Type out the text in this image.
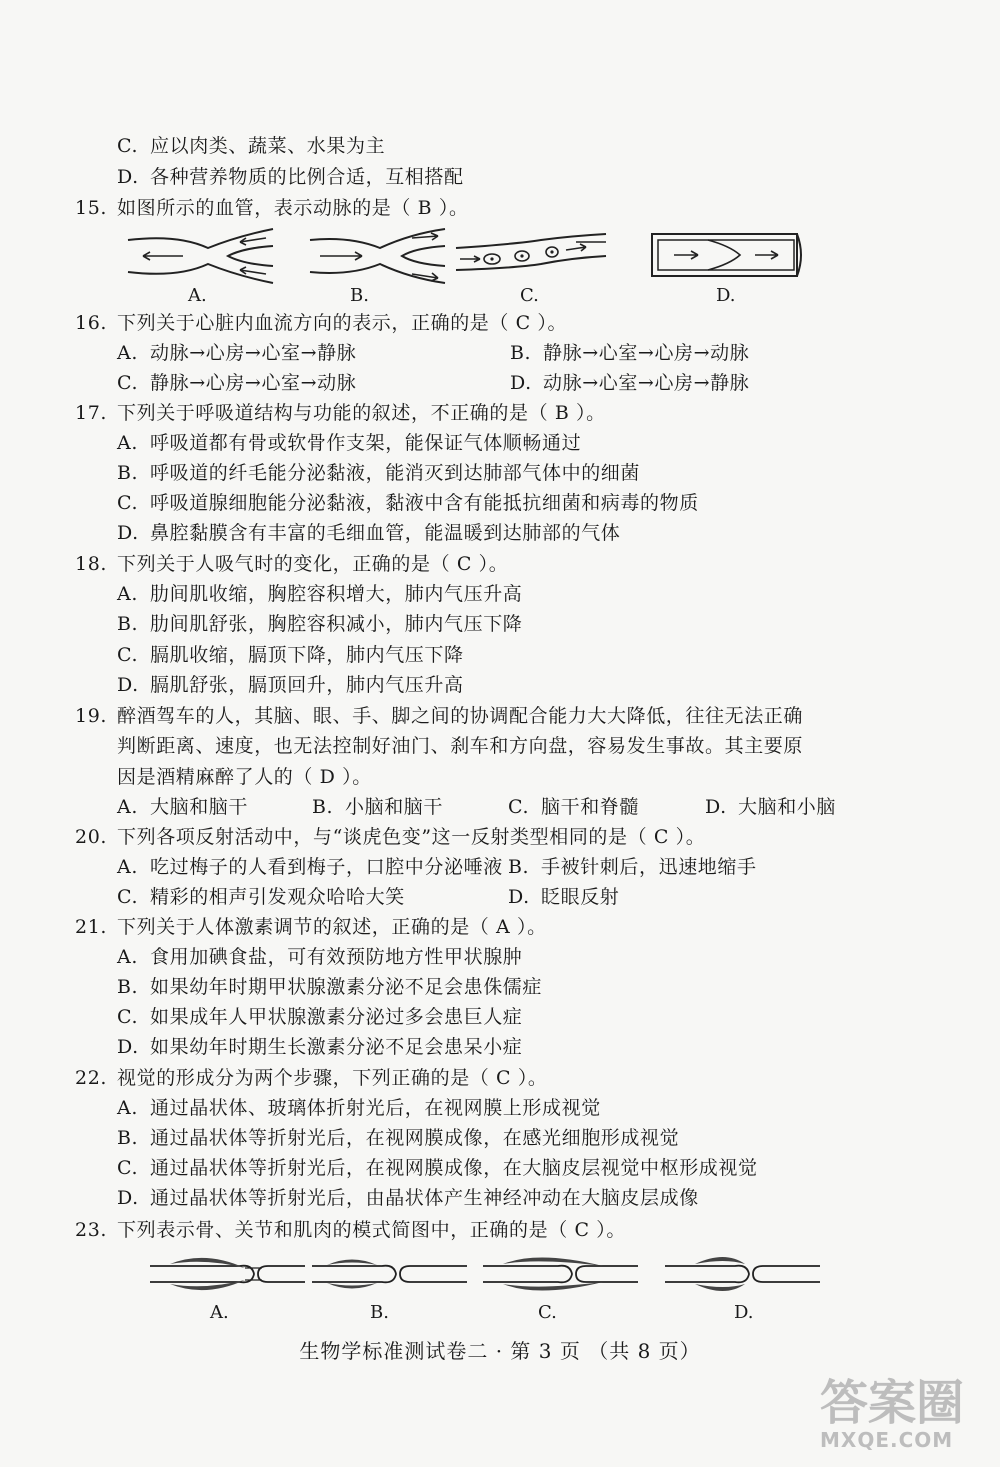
C. 应以肉类、蔬菜、水果为主
D. 各种营养物质的比例合适，互相搭配
15. 如图所示的血管，表示动脉的是（ B ）。
A.	B.	C.	D.
16. 下列关于心脏内血流方向的表示，正确的是（ C ）。
A. 动脉→心房→心室→静脉	B. 静脉→心室→心房→动脉
C. 静脉→心房→心室→动脉	D. 动脉→心室→心房→静脉
17. 下列关于呼吸道结构与功能的叙述，不正确的是（ B ）。
A. 呼吸道都有骨或软骨作支架，能保证气体顺畅通过
B. 呼吸道的纤毛能分泌黏液，能消灭到达肺部气体中的细菌
C. 呼吸道腺细胞能分泌黏液，黏液中含有能抵抗细菌和病毒的物质
D. 鼻腔黏膜含有丰富的毛细血管，能温暖到达肺部的气体
18. 下列关于人吸气时的变化，正确的是（ C ）。
A. 肋间肌收缩，胸腔容积增大，肺内气压升高
B. 肋间肌舒张，胸腔容积减小，肺内气压下降
C. 膈肌收缩，膈顶下降，肺内气压下降
D. 膈肌舒张，膈顶回升，肺内气压升高
19. 醉酒驾车的人，其脑、眼、手、脚之间的协调配合能力大大降低，往往无法正确
判断距离、速度，也无法控制好油门、刹车和方向盘，容易发生事故。其主要原
因是酒精麻醉了人的（ D ）。
A. 大脑和脑干	B. 小脑和脑干	C. 脑干和脊髓	D. 大脑和小脑
20. 下列各项反射活动中，与“谈虎色变”这一反射类型相同的是（ C ）。
A. 吃过梅子的人看到梅子，口腔中分泌唾液 B. 手被针刺后，迅速地缩手
C. 精彩的相声引发观众哈哈大笑	D. 眨眼反射
21. 下列关于人体激素调节的叙述，正确的是（ A ）。
A. 食用加碘食盐，可有效预防地方性甲状腺肿
B. 如果幼年时期甲状腺激素分泌不足会患侏儒症
C. 如果成年人甲状腺激素分泌过多会患巨人症
D. 如果幼年时期生长激素分泌不足会患呆小症
22. 视觉的形成分为两个步骤，下列正确的是（ C ）。
A. 通过晶状体、玻璃体折射光后，在视网膜上形成视觉
B. 通过晶状体等折射光后，在视网膜成像，在感光细胞形成视觉
C. 通过晶状体等折射光后，在视网膜成像，在大脑皮层视觉中枢形成视觉
D. 通过晶状体等折射光后，由晶状体产生神经冲动在大脑皮层成像
23. 下列表示骨、关节和肌肉的模式简图中，正确的是（ C ）。
A.	B.	C.	D.
生物学标准测试卷二 · 第 3 页 （共 8 页）
答案圈
MXQE.COM
